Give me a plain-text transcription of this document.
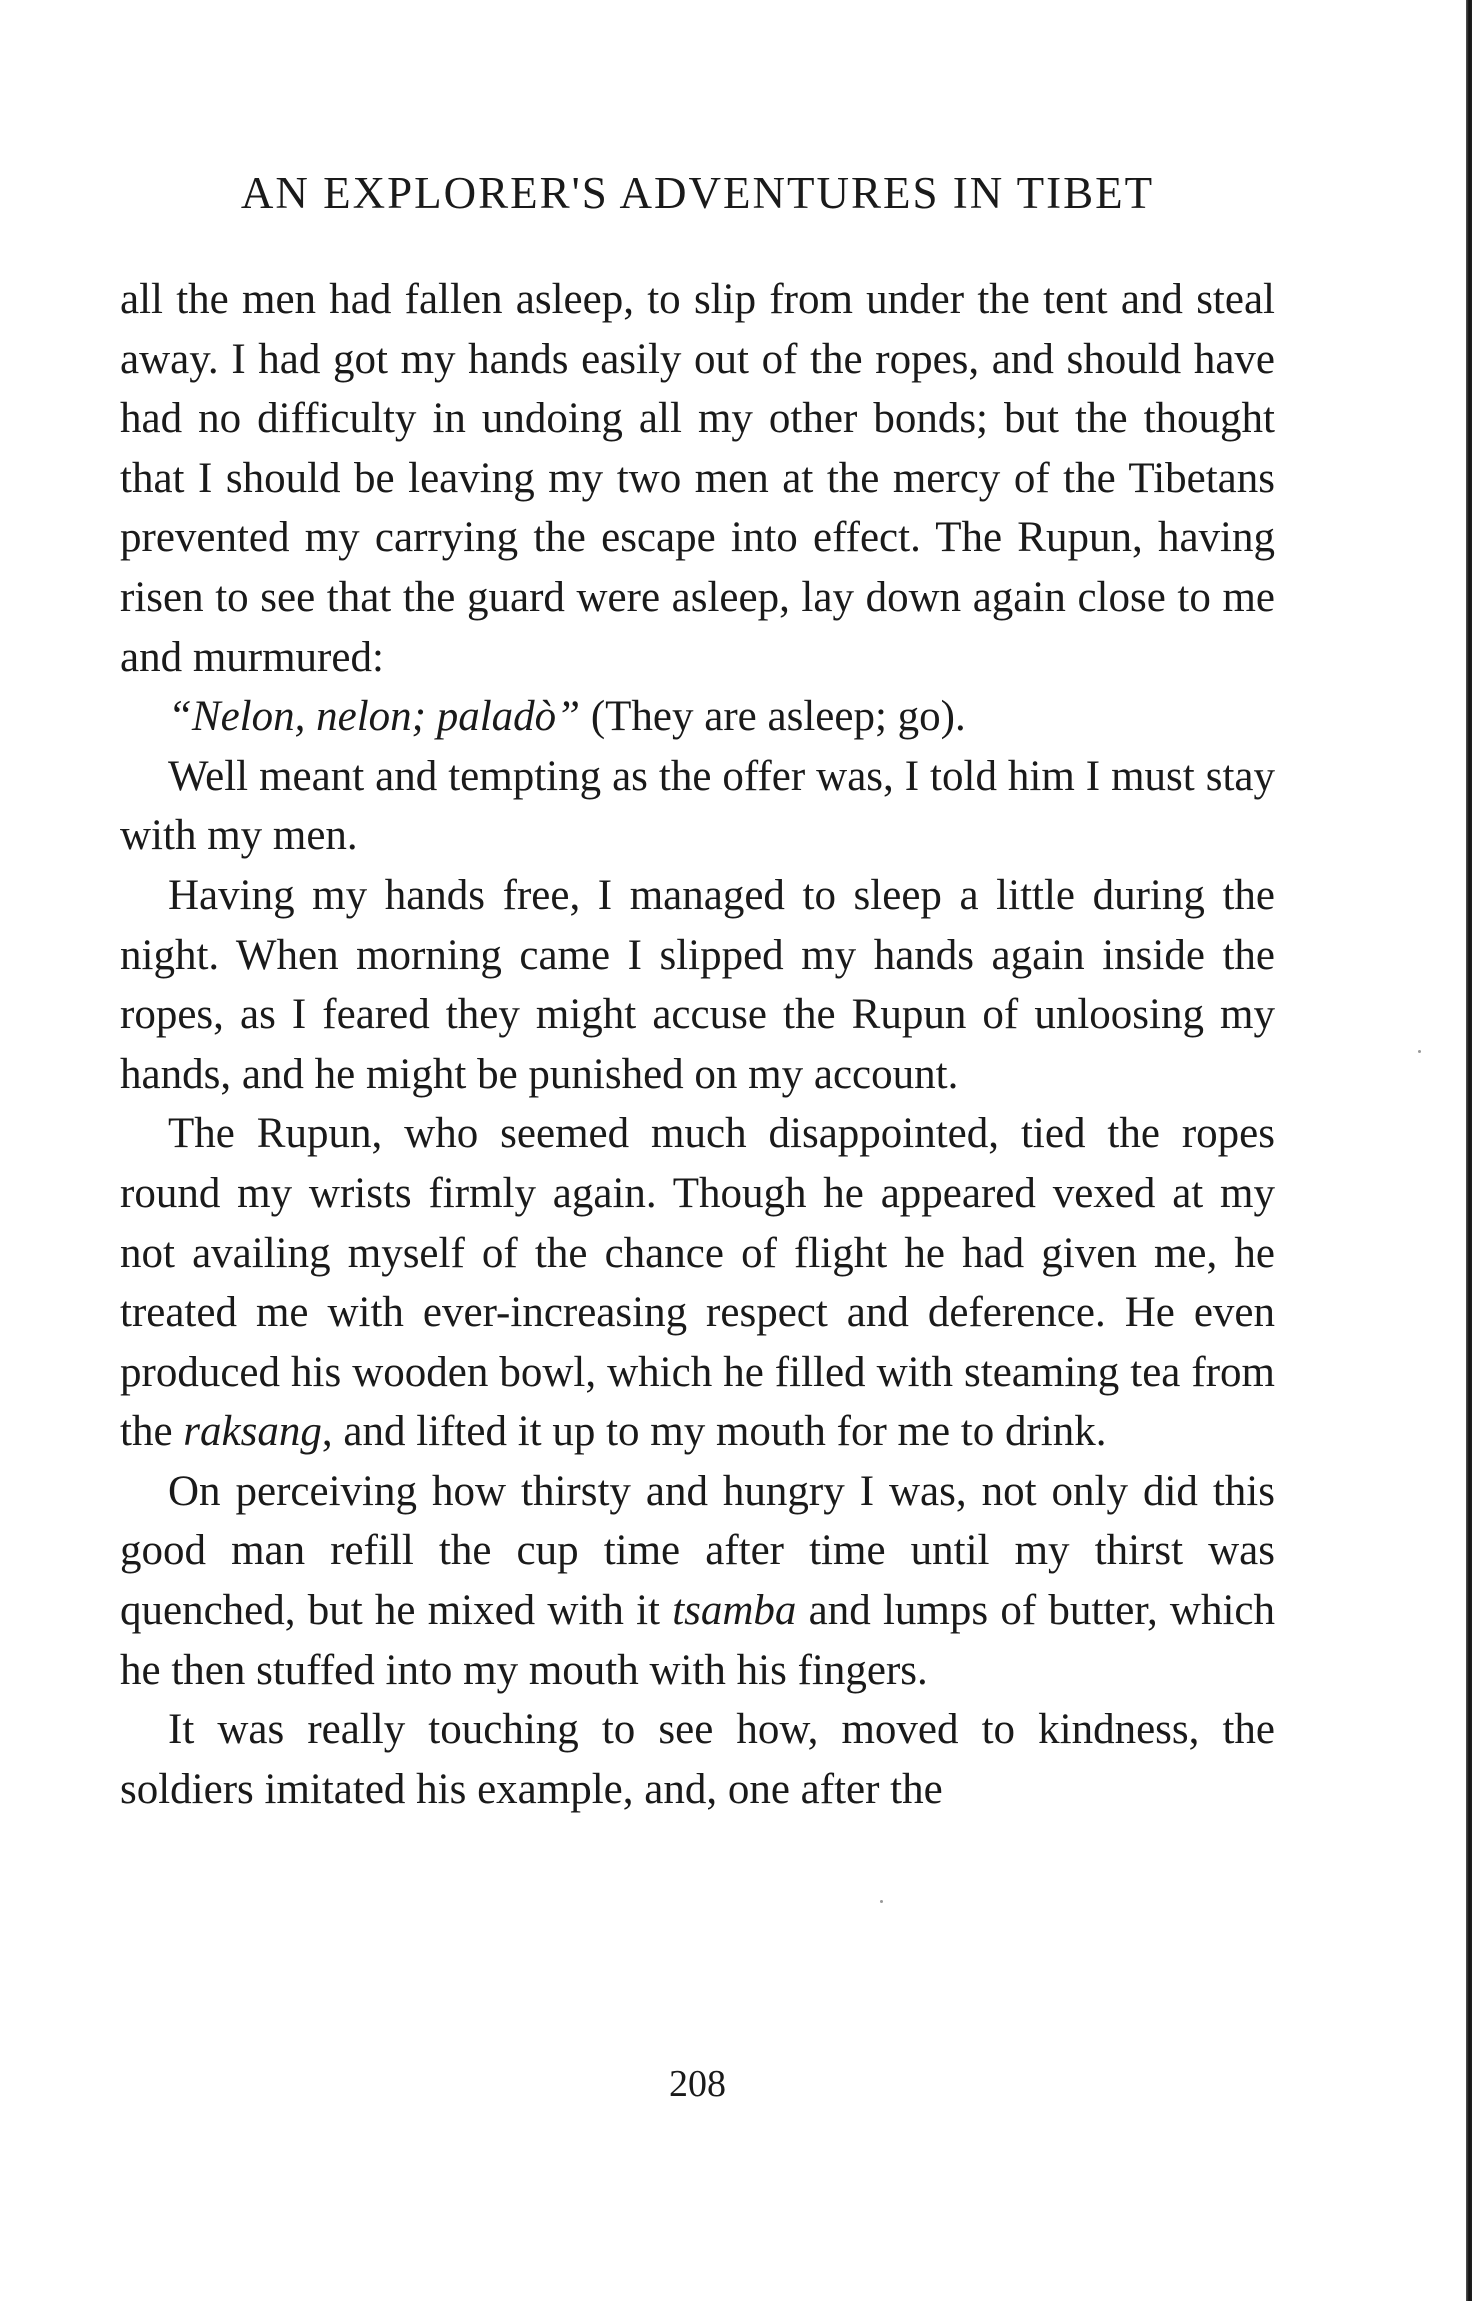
AN EXPLORER'S ADVENTURES IN TIBET

all the men had fallen asleep, to slip from under the tent and steal away. I had got my hands easily out of the ropes, and should have had no difficulty in undoing all my other bonds; but the thought that I should be leaving my two men at the mercy of the Tibetans prevented my carrying the escape into effect. The Rupun, having risen to see that the guard were asleep, lay down again close to me and murmured:

“Nelon, nelon; paladò” (They are asleep; go).

Well meant and tempting as the offer was, I told him I must stay with my men.

Having my hands free, I managed to sleep a little during the night. When morning came I slipped my hands again inside the ropes, as I feared they might accuse the Rupun of unloosing my hands, and he might be punished on my account.

The Rupun, who seemed much disappointed, tied the ropes round my wrists firmly again. Though he appeared vexed at my not availing myself of the chance of flight he had given me, he treated me with ever-increasing respect and deference. He even produced his wooden bowl, which he filled with steaming tea from the raksang, and lifted it up to my mouth for me to drink.

On perceiving how thirsty and hungry I was, not only did this good man refill the cup time after time until my thirst was quenched, but he mixed with it tsamba and lumps of butter, which he then stuffed into my mouth with his fingers.

It was really touching to see how, moved to kindness, the soldiers imitated his example, and, one after the

208
